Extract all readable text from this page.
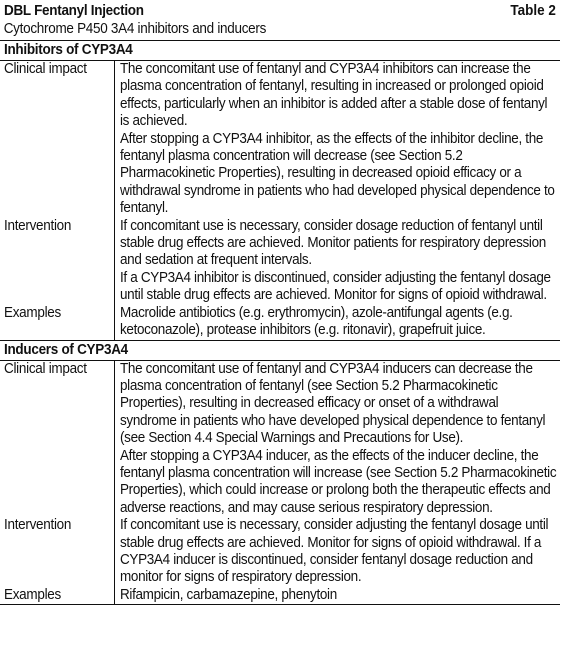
DBL Fentanyl Injection	Table 2
Cytochrome P450 3A4 inhibitors and inducers
Inhibitors of CYP3A4
Clinical impact	The concomitant use of fentanyl and CYP3A4 inhibitors can increase the plasma concentration of fentanyl, resulting in increased or prolonged opioid effects, particularly when an inhibitor is added after a stable dose of fentanyl is achieved.

After stopping a CYP3A4 inhibitor, as the effects of the inhibitor decline, the fentanyl plasma concentration will decrease (see Section 5.2 Pharmacokinetic Properties), resulting in decreased opioid efficacy or a withdrawal syndrome in patients who had developed physical dependence to fentanyl.

Intervention	If concomitant use is necessary, consider dosage reduction of fentanyl until stable drug effects are achieved. Monitor patients for respiratory depression and sedation at frequent intervals.

If a CYP3A4 inhibitor is discontinued, consider adjusting the fentanyl dosage until stable drug effects are achieved. Monitor for signs of opioid withdrawal.

Examples	Macrolide antibiotics (e.g. erythromycin), azole-antifungal agents (e.g. ketoconazole), protease inhibitors (e.g. ritonavir), grapefruit juice.

Inducers of CYP3A4
Clinical impact	The concomitant use of fentanyl and CYP3A4 inducers can decrease the plasma concentration of fentanyl (see Section 5.2 Pharmacokinetic Properties), resulting in decreased efficacy or onset of a withdrawal syndrome in patients who have developed physical dependence to fentanyl (see Section 4.4 Special Warnings and Precautions for Use).

After stopping a CYP3A4 inducer, as the effects of the inducer decline, the fentanyl plasma concentration will increase (see Section 5.2 Pharmacokinetic Properties), which could increase or prolong both the therapeutic effects and adverse reactions, and may cause serious respiratory depression.

Intervention	If concomitant use is necessary, consider adjusting the fentanyl dosage until stable drug effects are achieved. Monitor for signs of opioid withdrawal. If a CYP3A4 inducer is discontinued, consider fentanyl dosage reduction and monitor for signs of respiratory depression.

Examples	Rifampicin, carbamazepine, phenytoin
